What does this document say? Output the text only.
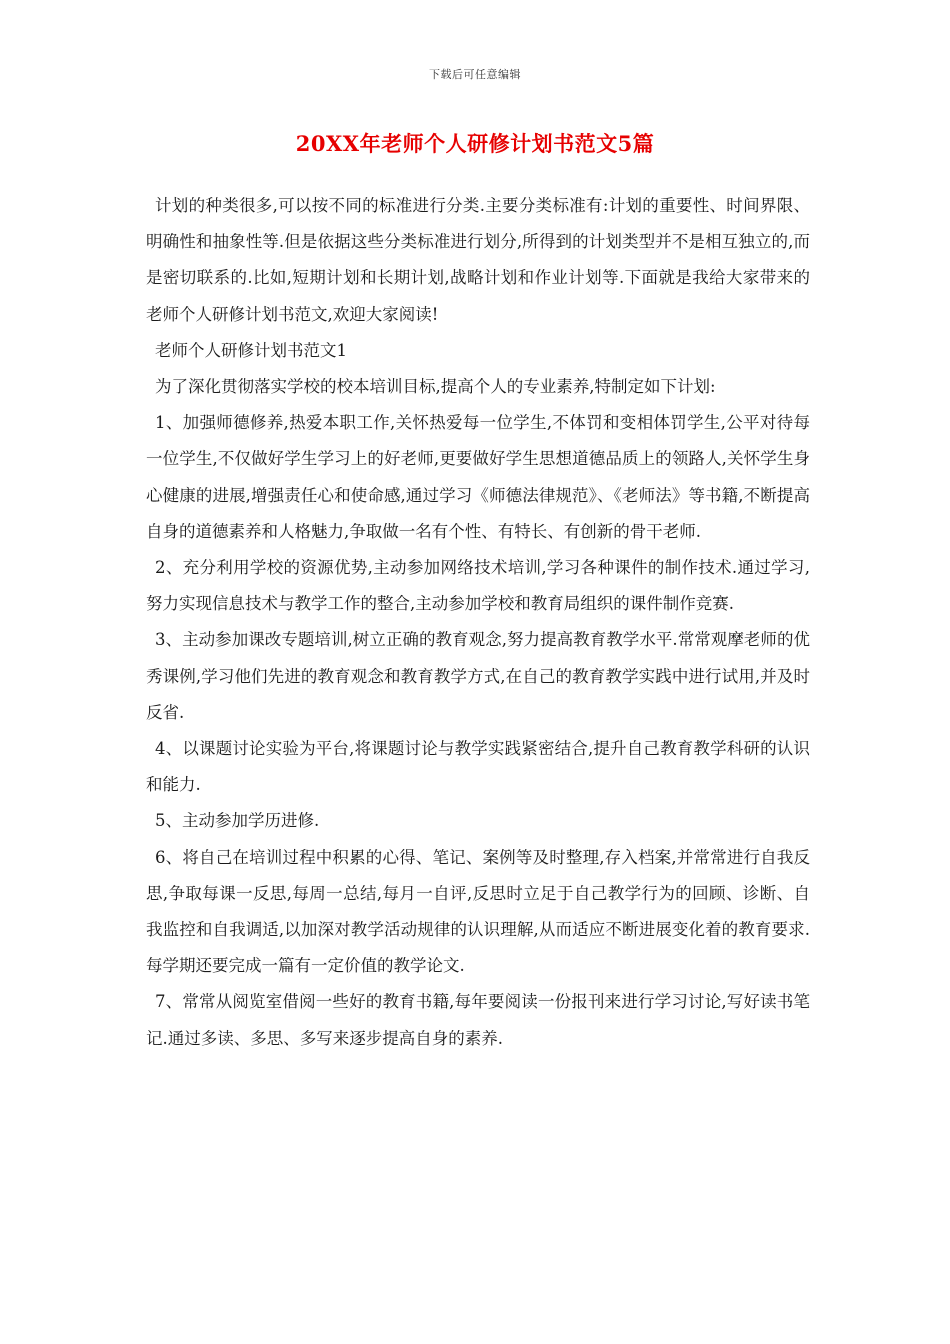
下载后可任意编辑
20XX年老师个人研修计划书范文5篇

计划的种类很多,可以按不同的标准进行分类.主要分类标准有:计划的重要性、时间界限、明确性和抽象性等.但是依据这些分类标准进行划分,所得到的计划类型并不是相互独立的,而是密切联系的.比如,短期计划和长期计划,战略计划和作业计划等.下面就是我给大家带来的老师个人研修计划书范文,欢迎大家阅读!

老师个人研修计划书范文1

为了深化贯彻落实学校的校本培训目标,提高个人的专业素养,特制定如下计划:

1、加强师德修养,热爱本职工作,关怀热爱每一位学生,不体罚和变相体罚学生,公平对待每一位学生,不仅做好学生学习上的好老师,更要做好学生思想道德品质上的领路人,关怀学生身心健康的进展,增强责任心和使命感,通过学习《师德法律规范》、《老师法》等书籍,不断提高自身的道德素养和人格魅力,争取做一名有个性、有特长、有创新的骨干老师.

2、充分利用学校的资源优势,主动参加网络技术培训,学习各种课件的制作技术.通过学习,努力实现信息技术与教学工作的整合,主动参加学校和教育局组织的课件制作竞赛.

3、主动参加课改专题培训,树立正确的教育观念,努力提高教育教学水平.常常观摩老师的优秀课例,学习他们先进的教育观念和教育教学方式,在自己的教育教学实践中进行试用,并及时反省.

4、以课题讨论实验为平台,将课题讨论与教学实践紧密结合,提升自己教育教学科研的认识和能力.

5、主动参加学历进修.

6、将自己在培训过程中积累的心得、笔记、案例等及时整理,存入档案,并常常进行自我反思,争取每课一反思,每周一总结,每月一自评,反思时立足于自己教学行为的回顾、诊断、自我监控和自我调适,以加深对教学活动规律的认识理解,从而适应不断进展变化着的教育要求.每学期还要完成一篇有一定价值的教学论文.

7、常常从阅览室借阅一些好的教育书籍,每年要阅读一份报刊来进行学习讨论,写好读书笔记.通过多读、多思、多写来逐步提高自身的素养.
